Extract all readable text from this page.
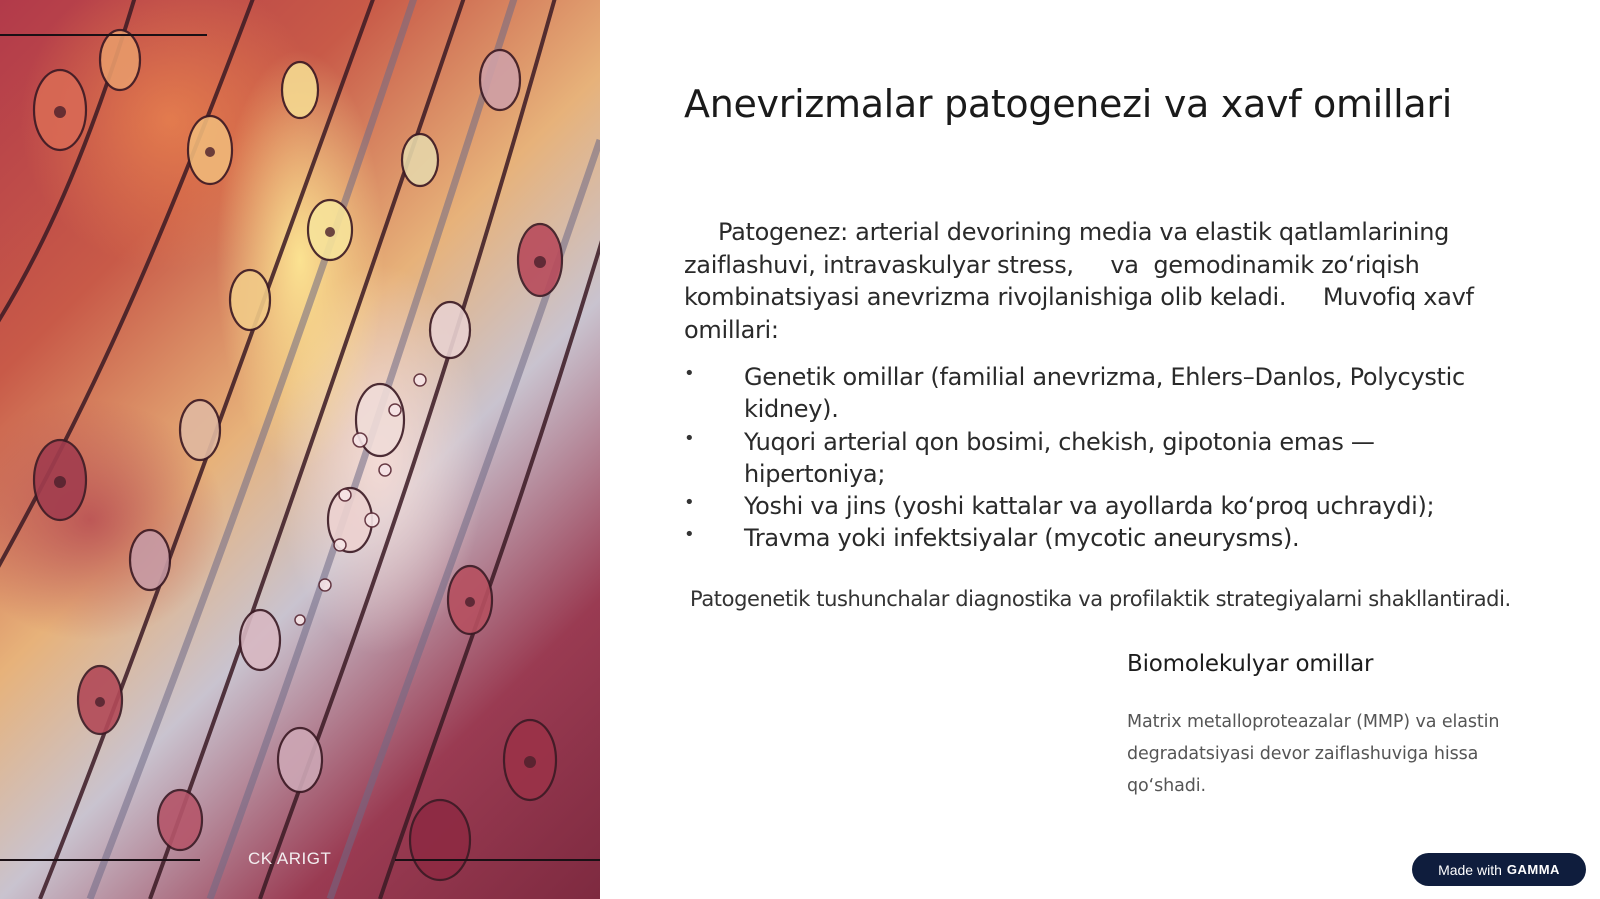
CK ARIGT
Anevrizmalar patogenezi va xavf omillari

Patogenez: arterial devorining media va elastik qatlamlarining zaiflashuvi, intravaskulyar stress,     va  gemodinamik zo‘riqish kombinatsiyasi anevrizma rivojlanishiga olib keladi.     Muvofiq xavf omillari:

• Genetik omillar (familial anevrizma, Ehlers–Danlos, Polycystic kidney).
• Yuqori arterial qon bosimi, chekish, gipotonia emas — hipertoniya;
• Yoshi va jins (yoshi kattalar va ayollarda ko‘proq uchraydi);
• Travma yoki infektsiyalar (mycotic aneurysms).

Patogenetik tushunchalar diagnostika va profilaktik strategiyalarni shakllantiradi.

Biomolekulyar omillar

Matrix metalloproteazalar (MMP) va elastin degradatsiyasi devor zaiflashuviga hissa qo‘shadi.

Made with GAMMA
